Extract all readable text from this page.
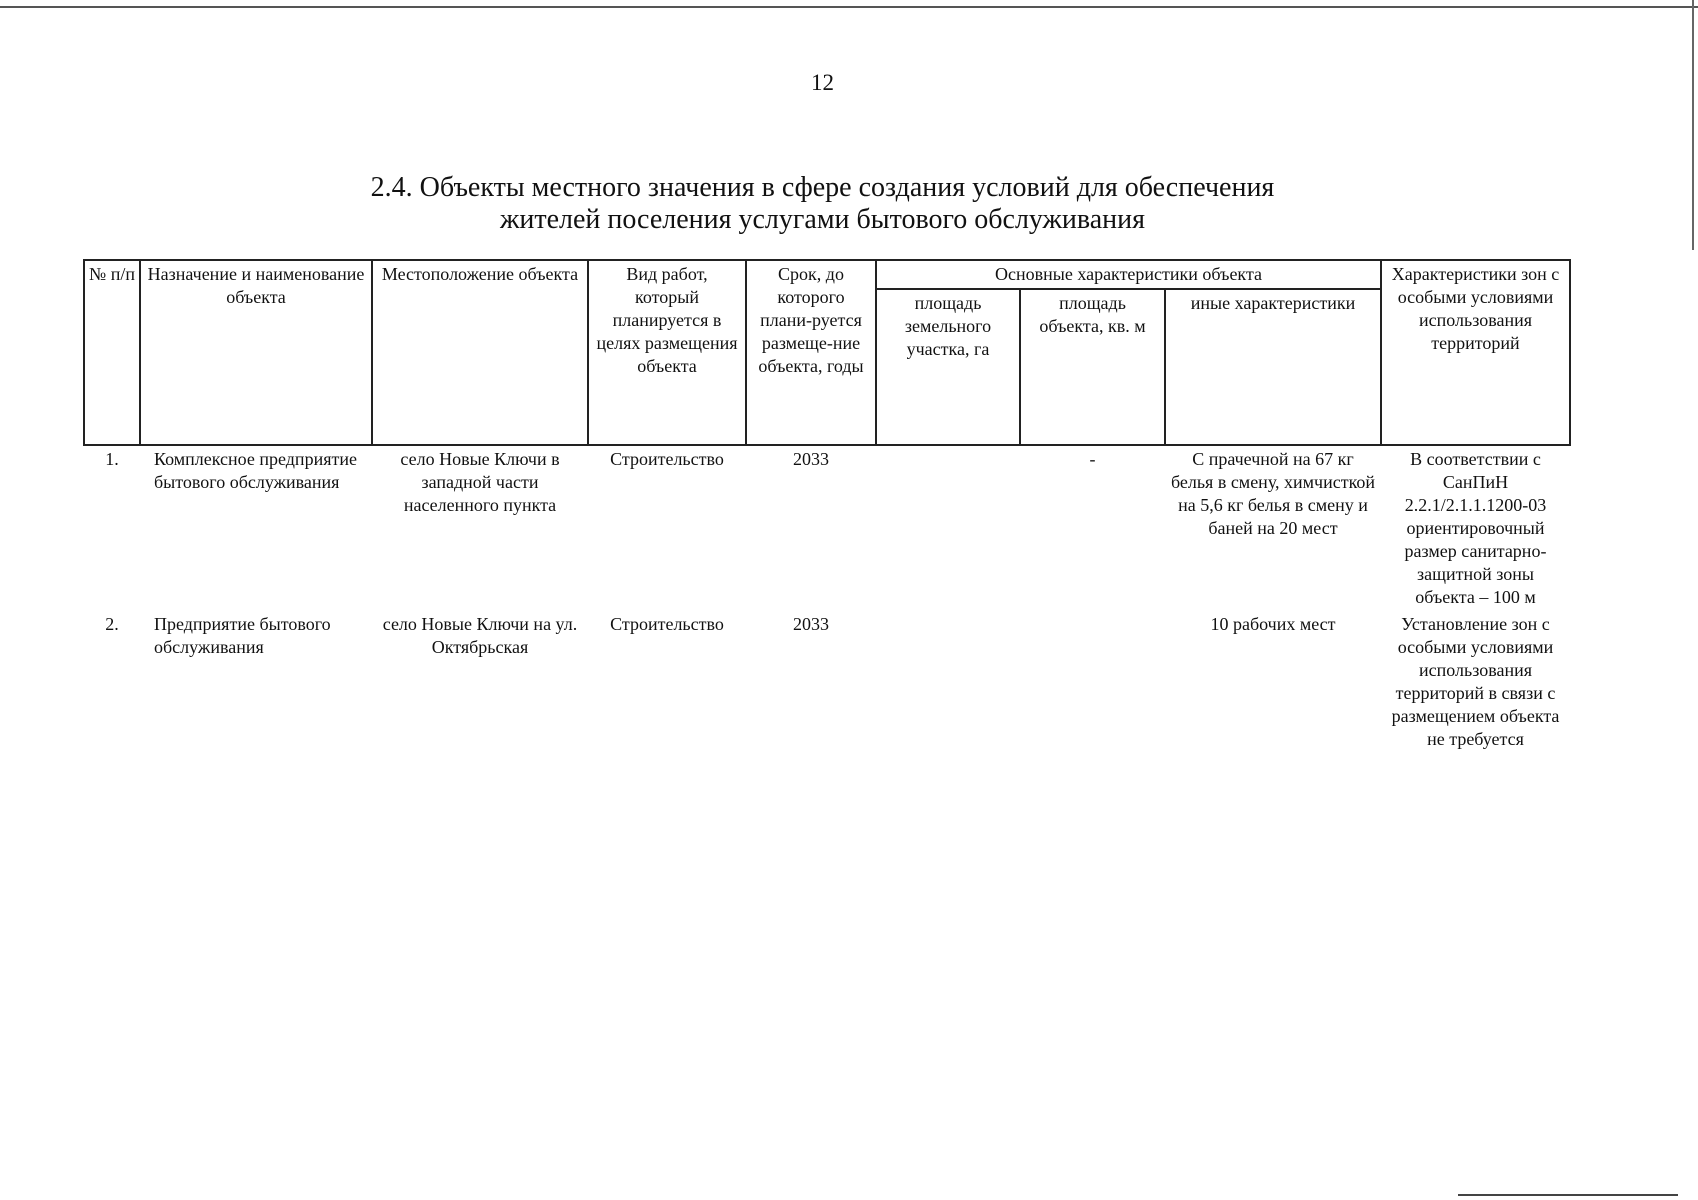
12
2.4. Объекты местного значения в сфере создания условий для обеспечения
жителей поселения услугами бытового обслуживания
№ п/п	Назначение и наименование объекта	Местоположение объекта	Вид работ, который планируется в целях размещения объекта	Срок, до которого плани-руется размеще-ние объекта, годы	Основные характеристики объекта			Характеристики зон с особыми условиями использования территорий
					площадь земельного участка, га	площадь объекта, кв. м	иные характеристики	
1.	Комплексное предприятие бытового обслуживания	село Новые Ключи в западной части населенного пункта	Строительство	2033		-	С прачечной на 67 кг белья в смену, химчисткой на 5,6 кг белья в смену и баней на 20 мест	В соответствии с СанПиН 2.2.1/2.1.1.1200-03 ориентировочный размер санитарно-защитной зоны объекта – 100 м
2.	Предприятие бытового обслуживания	село Новые Ключи на ул. Октябрьская	Строительство	2033			10 рабочих мест	Установление зон с особыми условиями использования территорий в связи с размещением объекта не требуется
